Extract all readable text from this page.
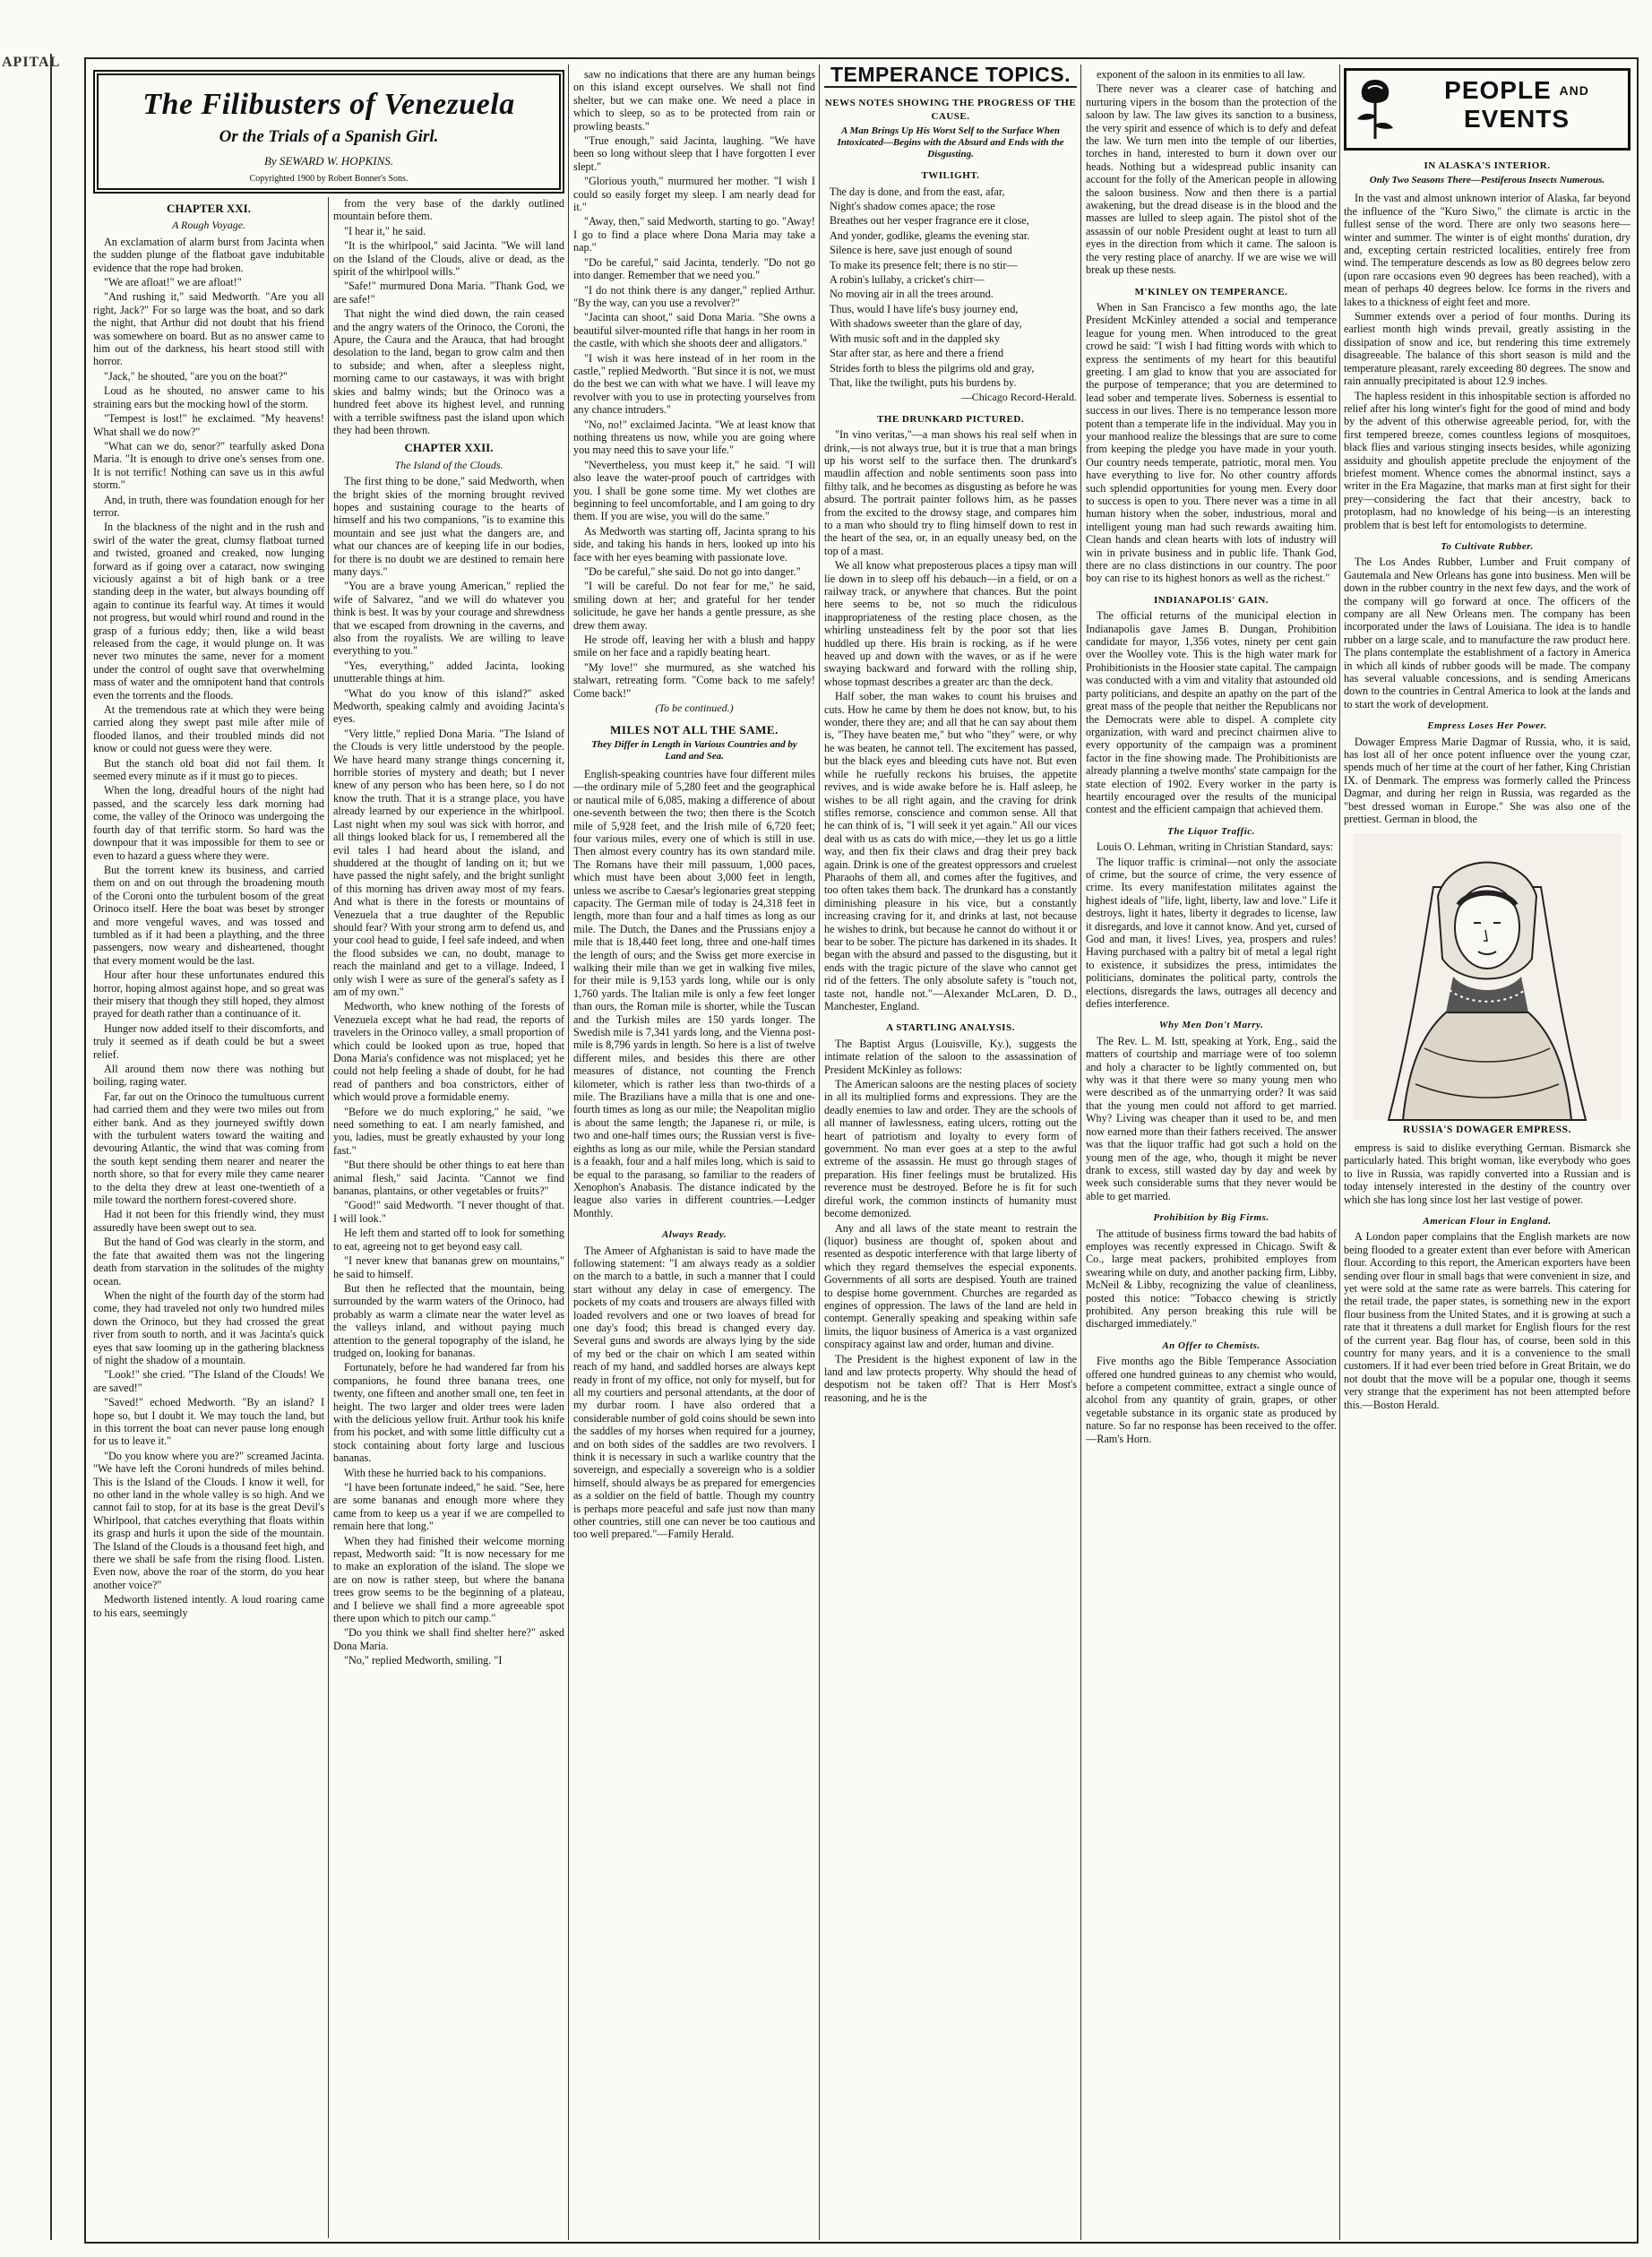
APITAL
The Filibusters of Venezuela
Or the Trials of a Spanish Girl.
By SEWARD W. HOPKINS.
Copyrighted 1900 by Robert Bonner's Sons.

CHAPTER XXI.

A Rough Voyage.

An exclamation of alarm burst from Jacinta when the sudden plunge of the flatboat gave indubitable evidence that the rope had broken.

"We are afloat!" we are afloat!"

"And rushing it," said Medworth. "Are you all right, Jack?" For so large was the boat, and so dark the night, that Arthur did not doubt that his friend was somewhere on board. But as no answer came to him out of the darkness, his heart stood still with horror.

"Jack," he shouted, "are you on the boat?"

Loud as he shouted, no answer came to his straining ears but the mocking howl of the storm.

"Tempest is lost!" he exclaimed. "My heavens! What shall we do now?"

"What can we do, senor?" tearfully asked Dona Maria. "It is enough to drive one's senses from one. It is not terrific! Nothing can save us in this awful storm."

And, in truth, there was foundation enough for her terror.

In the blackness of the night and in the rush and swirl of the water the great, clumsy flatboat turned and twisted, groaned and creaked, now lunging forward as if going over a cataract, now swinging viciously against a bit of high bank or a tree standing deep in the water, but always bounding off again to continue its fearful way. At times it would not progress, but would whirl round and round in the grasp of a furious eddy; then, like a wild beast released from the cage, it would plunge on. It was never two minutes the same, never for a moment under the control of ought save that overwhelming mass of water and the omnipotent hand that controls even the torrents and the floods.

At the tremendous rate at which they were being carried along they swept past mile after mile of flooded llanos, and their troubled minds did not know or could not guess were they were.

But the stanch old boat did not fail them. It seemed every minute as if it must go to pieces.

When the long, dreadful hours of the night had passed, and the scarcely less dark morning had come, the valley of the Orinoco was undergoing the fourth day of that terrific storm. So hard was the downpour that it was impossible for them to see or even to hazard a guess where they were.

But the torrent knew its business, and carried them on and on out through the broadening mouth of the Coroni onto the turbulent bosom of the great Orinoco itself. Here the boat was beset by stronger and more vengeful waves, and was tossed and tumbled as if it had been a plaything, and the three passengers, now weary and disheartened, thought that every moment would be the last.

Hour after hour these unfortunates endured this horror, hoping almost against hope, and so great was their misery that though they still hoped, they almost prayed for death rather than a continuance of it.

Hunger now added itself to their discomforts, and truly it seemed as if death could be but a sweet relief.

All around them now there was nothing but boiling, raging water.

Far, far out on the Orinoco the tumultuous current had carried them and they were two miles out from either bank. And as they journeyed swiftly down with the turbulent waters toward the waiting and devouring Atlantic, the wind that was coming from the south kept sending them nearer and nearer the north shore, so that for every mile they came nearer to the delta they drew at least one-twentieth of a mile toward the northern forest-covered shore.

Had it not been for this friendly wind, they must assuredly have been swept out to sea.

But the hand of God was clearly in the storm, and the fate that awaited them was not the lingering death from starvation in the solitudes of the mighty ocean.

When the night of the fourth day of the storm had come, they had traveled not only two hundred miles down the Orinoco, but they had crossed the great river from south to north, and it was Jacinta's quick eyes that saw looming up in the gathering blackness of night the shadow of a mountain.

"Look!" she cried. "The Island of the Clouds! We are saved!"

"Saved!" echoed Medworth. "By an island? I hope so, but I doubt it. We may touch the land, but in this torrent the boat can never pause long enough for us to leave it."

"Do you know where you are?" screamed Jacinta. "We have left the Coroni hundreds of miles behind. This is the Island of the Clouds. I know it well, for no other land in the whole valley is so high. And we cannot fail to stop, for at its base is the great Devil's Whirlpool, that catches everything that floats within its grasp and hurls it upon the side of the mountain. The Island of the Clouds is a thousand feet high, and there we shall be safe from the rising flood. Listen. Even now, above the roar of the storm, do you hear another voice?"

Medworth listened intently. A loud roaring came to his ears, seemingly

from the very base of the darkly outlined mountain before them.

"I hear it," he said.

"It is the whirlpool," said Jacinta. "We will land on the Island of the Clouds, alive or dead, as the spirit of the whirlpool wills."

"Safe!" murmured Dona Maria. "Thank God, we are safe!"

That night the wind died down, the rain ceased and the angry waters of the Orinoco, the Coroni, the Apure, the Caura and the Arauca, that had brought desolation to the land, began to grow calm and then to subside; and when, after a sleepless night, morning came to our castaways, it was with bright skies and balmy winds; but the Orinoco was a hundred feet above its highest level, and running with a terrible swiftness past the island upon which they had been thrown.

CHAPTER XXII.

The Island of the Clouds.

The first thing to be done," said Medworth, when the bright skies of the morning brought revived hopes and sustaining courage to the hearts of himself and his two companions, "is to examine this mountain and see just what the dangers are, and what our chances are of keeping life in our bodies, for there is no doubt we are destined to remain here many days."

"You are a brave young American," replied the wife of Salvarez, "and we will do whatever you think is best. It was by your courage and shrewdness that we escaped from drowning in the caverns, and also from the royalists. We are willing to leave everything to you."

"Yes, everything," added Jacinta, looking unutterable things at him.

"What do you know of this island?" asked Medworth, speaking calmly and avoiding Jacinta's eyes.

"Very little," replied Dona Maria. "The Island of the Clouds is very little understood by the people. We have heard many strange things concerning it, horrible stories of mystery and death; but I never knew of any person who has been here, so I do not know the truth. That it is a strange place, you have already learned by our experience in the whirlpool. Last night when my soul was sick with horror, and all things looked black for us, I remembered all the evil tales I had heard about the island, and shuddered at the thought of landing on it; but we have passed the night safely, and the bright sunlight of this morning has driven away most of my fears. And what is there in the forests or mountains of Venezuela that a true daughter of the Republic should fear? With your strong arm to defend us, and your cool head to guide, I feel safe indeed, and when the flood subsides we can, no doubt, manage to reach the mainland and get to a village. Indeed, I only wish I were as sure of the general's safety as I am of my own."

Medworth, who knew nothing of the forests of Venezuela except what he had read, the reports of travelers in the Orinoco valley, a small proportion of which could be looked upon as true, hoped that Dona Maria's confidence was not misplaced; yet he could not help feeling a shade of doubt, for he had read of panthers and boa constrictors, either of which would prove a formidable enemy.

"Before we do much exploring," he said, "we need something to eat. I am nearly famished, and you, ladies, must be greatly exhausted by your long fast."

"But there should be other things to eat here than animal flesh," said Jacinta. "Cannot we find bananas, plantains, or other vegetables or fruits?"

"Good!" said Medworth. "I never thought of that. I will look."

He left them and started off to look for something to eat, agreeing not to get beyond easy call.

"I never knew that bananas grew on mountains," he said to himself.

But then he reflected that the mountain, being surrounded by the warm waters of the Orinoco, had probably as warm a climate near the water level as the valleys inland, and without paying much attention to the general topography of the island, he trudged on, looking for bananas.

Fortunately, before he had wandered far from his companions, he found three banana trees, one twenty, one fifteen and another small one, ten feet in height. The two larger and older trees were laden with the delicious yellow fruit. Arthur took his knife from his pocket, and with some little difficulty cut a stock containing about forty large and luscious bananas.

With these he hurried back to his companions.

"I have been fortunate indeed," he said. "See, here are some bananas and enough more where they came from to keep us a year if we are compelled to remain here that long."

When they had finished their welcome morning repast, Medworth said: "It is now necessary for me to make an exploration of the island. The slope we are on now is rather steep, but where the banana trees grow seems to be the beginning of a plateau, and I believe we shall find a more agreeable spot there upon which to pitch our camp."

"Do you think we shall find shelter here?" asked Dona Maria.

"No," replied Medworth, smiling. "I

saw no indications that there are any human beings on this island except ourselves. We shall not find shelter, but we can make one. We need a place in which to sleep, so as to be protected from rain or prowling beasts."

"True enough," said Jacinta, laughing. "We have been so long without sleep that I have forgotten I ever slept."

"Glorious youth," murmured her mother. "I wish I could so easily forget my sleep. I am nearly dead for it."

"Away, then," said Medworth, starting to go. "Away! I go to find a place where Dona Maria may take a nap."

"Do be careful," said Jacinta, tenderly. "Do not go into danger. Remember that we need you."

"I do not think there is any danger," replied Arthur. "By the way, can you use a revolver?"

"Jacinta can shoot," said Dona Maria. "She owns a beautiful silver-mounted rifle that hangs in her room in the castle, with which she shoots deer and alligators."

"I wish it was here instead of in her room in the castle," replied Medworth. "But since it is not, we must do the best we can with what we have. I will leave my revolver with you to use in protecting yourselves from any chance intruders."

"No, no!" exclaimed Jacinta. "We at least know that nothing threatens us now, while you are going where you may need this to save your life."

"Nevertheless, you must keep it," he said. "I will also leave the water-proof pouch of cartridges with you. I shall be gone some time. My wet clothes are beginning to feel uncomfortable, and I am going to dry them. If you are wise, you will do the same."

As Medworth was starting off, Jacinta sprang to his side, and taking his hands in hers, looked up into his face with her eyes beaming with passionate love.

"Do be careful," she said. Do not go into danger."

"I will be careful. Do not fear for me," he said, smiling down at her; and grateful for her tender solicitude, he gave her hands a gentle pressure, as she drew them away.

He strode off, leaving her with a blush and happy smile on her face and a rapidly beating heart.

"My love!" she murmured, as she watched his stalwart, retreating form. "Come back to me safely! Come back!"

(To be continued.)

MILES NOT ALL THE SAME.

They Differ in Length in Various Countries and by Land and Sea.

English-speaking countries have four different miles—the ordinary mile of 5,280 feet and the geographical or nautical mile of 6,085, making a difference of about one-seventh between the two; then there is the Scotch mile of 5,928 feet, and the Irish mile of 6,720 feet; four various miles, every one of which is still in use. Then almost every country has its own standard mile. The Romans have their mill passuum, 1,000 paces, which must have been about 3,000 feet in length, unless we ascribe to Caesar's legionaries great stepping capacity. The German mile of today is 24,318 feet in length, more than four and a half times as long as our mile. The Dutch, the Danes and the Prussians enjoy a mile that is 18,440 feet long, three and one-half times the length of ours; and the Swiss get more exercise in walking their mile than we get in walking five miles, for their mile is 9,153 yards long, while our is only 1,760 yards. The Italian mile is only a few feet longer than ours, the Roman mile is shorter, while the Tuscan and the Turkish miles are 150 yards longer. The Swedish mile is 7,341 yards long, and the Vienna post-mile is 8,796 yards in length. So here is a list of twelve different miles, and besides this there are other measures of distance, not counting the French kilometer, which is rather less than two-thirds of a mile. The Brazilians have a milla that is one and one-fourth times as long as our mile; the Neapolitan miglio is about the same length; the Japanese ri, or mile, is two and one-half times ours; the Russian verst is five-eighths as long as our mile, while the Persian standard is a feaakh, four and a half miles long, which is said to be equal to the parasang, so familiar to the readers of Xenophon's Anabasis. The distance indicated by the league also varies in different countries.—Ledger Monthly.

Always Ready.

The Ameer of Afghanistan is said to have made the following statement: "I am always ready as a soldier on the march to a battle, in such a manner that I could start without any delay in case of emergency. The pockets of my coats and trousers are always filled with loaded revolvers and one or two loaves of bread for one day's food; this bread is changed every day. Several guns and swords are always lying by the side of my bed or the chair on which I am seated within reach of my hand, and saddled horses are always kept ready in front of my office, not only for myself, but for all my courtiers and personal attendants, at the door of my durbar room. I have also ordered that a considerable number of gold coins should be sewn into the saddles of my horses when required for a journey, and on both sides of the saddles are two revolvers. I think it is necessary in such a warlike country that the sovereign, and especially a sovereign who is a soldier himself, should always be as prepared for emergencies as a soldier on the field of battle. Though my country is perhaps more peaceful and safe just now than many other countries, still one can never be too cautious and too well prepared."—Family Herald.

TEMPERANCE TOPICS.

NEWS NOTES SHOWING THE PROGRESS OF THE CAUSE.

A Man Brings Up His Worst Self to the Surface When Intoxicated—Begins with the Absurd and Ends with the Disgusting.

TWILIGHT.

The day is done, and from the east, afar,

Night's shadow comes apace; the rose

Breathes out her vesper fragrance ere it close,

And yonder, godlike, gleams the evening star.

Silence is here, save just enough of sound

To make its presence felt; there is no stir—

A robin's lullaby, a cricket's chirr—

No moving air in all the trees around.

Thus, would I have life's busy journey end,

With shadows sweeter than the glare of day,

With music soft and in the dappled sky

Star after star, as here and there a friend

Strides forth to bless the pilgrims old and gray,

That, like the twilight, puts his burdens by.

—Chicago Record-Herald.

THE DRUNKARD PICTURED.

"In vino veritas,"—a man shows his real self when in drink,—is not always true, but it is true that a man brings up his worst self to the surface then. The drunkard's maudlin affection and noble sentiments soon pass into filthy talk, and he becomes as disgusting as before he was absurd. The portrait painter follows him, as he passes from the excited to the drowsy stage, and compares him to a man who should try to fling himself down to rest in the heart of the sea, or, in an equally uneasy bed, on the top of a mast.

We all know what preposterous places a tipsy man will lie down in to sleep off his debauch—in a field, or on a railway track, or anywhere that chances. But the point here seems to be, not so much the ridiculous inappropriateness of the resting place chosen, as the whirling unsteadiness felt by the poor sot that lies huddled up there. His brain is rocking, as if he were heaved up and down with the waves, or as if he were swaying backward and forward with the rolling ship, whose topmast describes a greater arc than the deck.

Half sober, the man wakes to count his bruises and cuts. How he came by them he does not know, but, to his wonder, there they are; and all that he can say about them is, "They have beaten me," but who "they" were, or why he was beaten, he cannot tell. The excitement has passed, but the black eyes and bleeding cuts have not. But even while he ruefully reckons his bruises, the appetite revives, and is wide awake before he is. Half asleep, he wishes to be all right again, and the craving for drink stifles remorse, conscience and common sense. All that he can think of is, "I will seek it yet again." All our vices deal with us as cats do with mice,—they let us go a little way, and then fix their claws and drag their prey back again. Drink is one of the greatest oppressors and cruelest Pharaohs of them all, and comes after the fugitives, and too often takes them back. The drunkard has a constantly diminishing pleasure in his vice, but a constantly increasing craving for it, and drinks at last, not because he wishes to drink, but because he cannot do without it or bear to be sober. The picture has darkened in its shades. It began with the absurd and passed to the disgusting, but it ends with the tragic picture of the slave who cannot get rid of the fetters. The only absolute safety is "touch not, taste not, handle not."—Alexander McLaren, D. D., Manchester, England.

A STARTLING ANALYSIS.

The Baptist Argus (Louisville, Ky.), suggests the intimate relation of the saloon to the assassination of President McKinley as follows:

The American saloons are the nesting places of society in all its multiplied forms and expressions. They are the deadly enemies to law and order. They are the schools of all manner of lawlessness, eating ulcers, rotting out the heart of patriotism and loyalty to every form of government. No man ever goes at a step to the awful extreme of the assassin. He must go through stages of preparation. His finer feelings must be brutalized. His reverence must be destroyed. Before he is fit for such direful work, the common instincts of humanity must become demonized.

Any and all laws of the state meant to restrain the (liquor) business are thought of, spoken about and resented as despotic interference with that large liberty of which they regard themselves the especial exponents. Governments of all sorts are despised. Youth are trained to despise home government. Churches are regarded as engines of oppression. The laws of the land are held in contempt. Generally speaking and speaking within safe limits, the liquor business of America is a vast organized conspiracy against law and order, human and divine.

The President is the highest exponent of law in the land and law protects property. Why should the head of despotism not be taken off? That is Herr Most's reasoning, and he is the

exponent of the saloon in its enmities to all law.

There never was a clearer case of hatching and nurturing vipers in the bosom than the protection of the saloon by law. The law gives its sanction to a business, the very spirit and essence of which is to defy and defeat the law. We turn men into the temple of our liberties, torches in hand, interested to burn it down over our heads. Nothing but a widespread public insanity can account for the folly of the American people in allowing the saloon business. Now and then there is a partial awakening, but the dread disease is in the blood and the masses are lulled to sleep again. The pistol shot of the assassin of our noble President ought at least to turn all eyes in the direction from which it came. The saloon is the very resting place of anarchy. If we are wise we will break up these nests.

M'KINLEY ON TEMPERANCE.

When in San Francisco a few months ago, the late President McKinley attended a social and temperance league for young men. When introduced to the great crowd he said: "I wish I had fitting words with which to express the sentiments of my heart for this beautiful greeting. I am glad to know that you are associated for the purpose of temperance; that you are determined to lead sober and temperate lives. Soberness is essential to success in our lives. There is no temperance lesson more potent than a temperate life in the individual. May you in your manhood realize the blessings that are sure to come from keeping the pledge you have made in your youth. Our country needs temperate, patriotic, moral men. You have everything to live for. No other country affords such splendid opportunities for young men. Every door to success is open to you. There never was a time in all human history when the sober, industrious, moral and intelligent young man had such rewards awaiting him. Clean hands and clean hearts with lots of industry will win in private business and in public life. Thank God, there are no class distinctions in our country. The poor boy can rise to its highest honors as well as the richest."

INDIANAPOLIS' GAIN.

The official returns of the municipal election in Indianapolis gave James B. Dungan, Prohibition candidate for mayor, 1,356 votes, ninety per cent gain over the Woolley vote. This is the high water mark for Prohibitionists in the Hoosier state capital. The campaign was conducted with a vim and vitality that astounded old party politicians, and despite an apathy on the part of the great mass of the people that neither the Republicans nor the Democrats were able to dispel. A complete city organization, with ward and precinct chairmen alive to every opportunity of the campaign was a prominent factor in the fine showing made. The Prohibitionists are already planning a twelve months' state campaign for the state election of 1902. Every worker in the party is heartily encouraged over the results of the municipal contest and the efficient campaign that achieved them.

The Liquor Traffic.

Louis O. Lehman, writing in Christian Standard, says:

The liquor traffic is criminal—not only the associate of crime, but the source of crime, the very essence of crime. Its every manifestation militates against the highest ideals of "life, light, liberty, law and love." Life it destroys, light it hates, liberty it degrades to license, law it disregards, and love it cannot know. And yet, cursed of God and man, it lives! Lives, yea, prospers and rules! Having purchased with a paltry bit of metal a legal right to existence, it subsidizes the press, intimidates the politicians, dominates the political party, controls the elections, disregards the laws, outrages all decency and defies interference.

Why Men Don't Marry.

The Rev. L. M. Istt, speaking at York, Eng., said the matters of courtship and marriage were of too solemn and holy a character to be lightly commented on, but why was it that there were so many young men who were described as of the unmarrying order? It was said that the young men could not afford to get married. Why? Living was cheaper than it used to be, and men now earned more than their fathers received. The answer was that the liquor traffic had got such a hold on the young men of the age, who, though it might be never drank to excess, still wasted day by day and week by week such considerable sums that they never would be able to get married.

Prohibition by Big Firms.

The attitude of business firms toward the bad habits of employes was recently expressed in Chicago. Swift & Co., large meat packers, prohibited employes from swearing while on duty, and another packing firm, Libby, McNeil & Libby, recognizing the value of cleanliness, posted this notice: "Tobacco chewing is strictly prohibited. Any person breaking this rule will be discharged immediately."

An Offer to Chemists.

Five months ago the Bible Temperance Association offered one hundred guineas to any chemist who would, before a competent committee, extract a single ounce of alcohol from any quantity of grain, grapes, or other vegetable substance in its organic state as produced by nature. So far no response has been received to the offer.—Ram's Horn.

PEOPLE $^{AND}$
EVENTS

IN ALASKA'S INTERIOR.

Only Two Seasons There—Pestiferous Insects Numerous.

In the vast and almost unknown interior of Alaska, far beyond the influence of the "Kuro Siwo," the climate is arctic in the fullest sense of the word. There are only two seasons here—winter and summer. The winter is of eight months' duration, dry and, excepting certain restricted localities, entirely free from wind. The temperature descends as low as 80 degrees below zero (upon rare occasions even 90 degrees has been reached), with a mean of perhaps 40 degrees below. Ice forms in the rivers and lakes to a thickness of eight feet and more.

Summer extends over a period of four months. During its earliest month high winds prevail, greatly assisting in the dissipation of snow and ice, but rendering this time extremely disagreeable. The balance of this short season is mild and the temperature pleasant, rarely exceeding 80 degrees. The snow and rain annually precipitated is about 12.9 inches.

The hapless resident in this inhospitable section is afforded no relief after his long winter's fight for the good of mind and body by the advent of this otherwise agreeable period, for, with the first tempered breeze, comes countless legions of mosquitoes, black flies and various stinging insects besides, while agonizing assiduity and ghoulish appetite preclude the enjoyment of the briefest moment. Whence comes the abnormal instinct, says a writer in the Era Magazine, that marks man at first sight for their prey—considering the fact that their ancestry, back to protoplasm, had no knowledge of his being—is an interesting problem that is best left for entomologists to determine.

To Cultivate Rubber.

The Los Andes Rubber, Lumber and Fruit company of Gautemala and New Orleans has gone into business. Men will be down in the rubber country in the next few days, and the work of the company will go forward at once. The officers of the company are all New Orleans men. The company has been incorporated under the laws of Louisiana. The idea is to handle rubber on a large scale, and to manufacture the raw product here. The plans contemplate the establishment of a factory in America in which all kinds of rubber goods will be made. The company has several valuable concessions, and is sending Americans down to the countries in Central America to look at the lands and to start the work of development.

Empress Loses Her Power.

Dowager Empress Marie Dagmar of Russia, who, it is said, has lost all of her once potent influence over the young czar, spends much of her time at the court of her father, King Christian IX. of Denmark. The empress was formerly called the Princess Dagmar, and during her reign in Russia, was regarded as the "best dressed woman in Europe." She was also one of the prettiest. German in blood, the

RUSSIA'S DOWAGER EMPRESS.

empress is said to dislike everything German. Bismarck she particularly hated. This bright woman, like everybody who goes to live in Russia, was rapidly converted into a Russian and is today intensely interested in the destiny of the country over which she has long since lost her last vestige of power.

American Flour in England.

A London paper complains that the English markets are now being flooded to a greater extent than ever before with American flour. According to this report, the American exporters have been sending over flour in small bags that were convenient in size, and yet were sold at the same rate as were barrels. This catering for the retail trade, the paper states, is something new in the export flour business from the United States, and it is growing at such a rate that it threatens a dull market for English flours for the rest of the current year. Bag flour has, of course, been sold in this country for many years, and it is a convenience to the small customers. If it had ever been tried before in Great Britain, we do not doubt that the move will be a popular one, though it seems very strange that the experiment has not been attempted before this.—Boston Herald.
